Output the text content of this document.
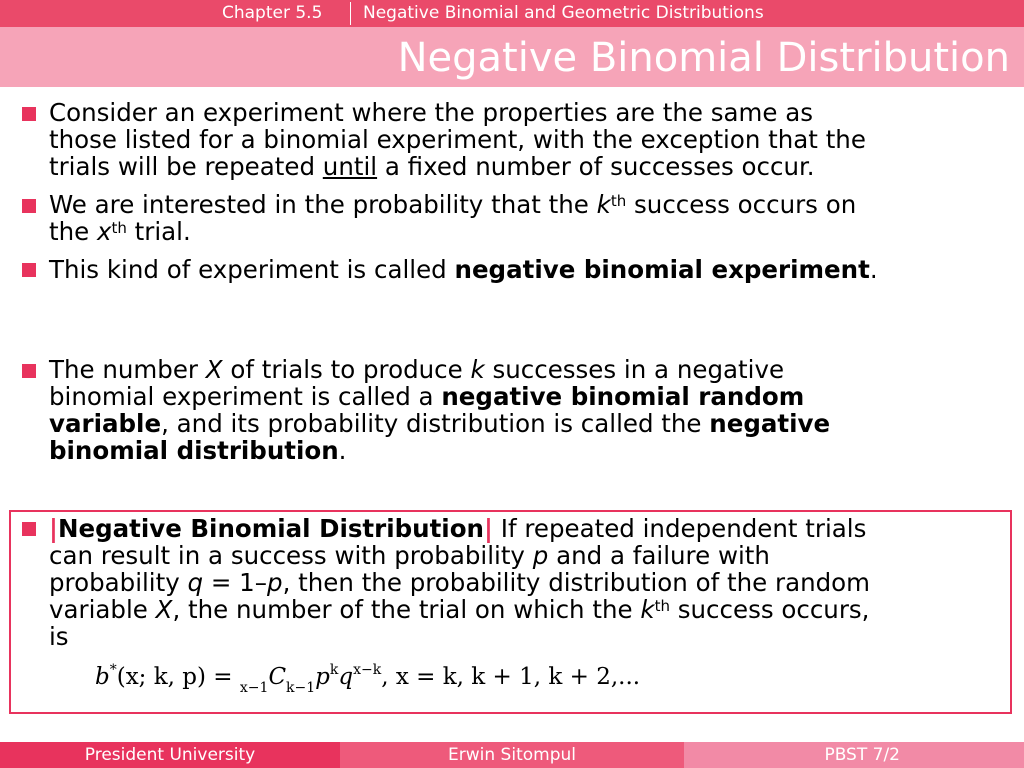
Chapter 5.5 Negative Binomial and Geometric Distributions
Negative Binomial Distribution
Consider an experiment where the properties are the same as
those listed for a binomial experiment, with the exception that the
trials will be repeated until a fixed number of successes occur.
We are interested in the probability that the $k^{th}$ success occurs on
the $x^{th}$ trial.
This kind of experiment is called negative binomial experiment.
The number X of trials to produce k successes in a negative
binomial experiment is called a negative binomial random
variable, and its probability distribution is called the negative
binomial distribution.
|Negative Binomial Distribution| If repeated independent trials
can result in a success with probability p and a failure with
probability q = 1–p, then the probability distribution of the random
variable X, the number of the trial on which the $k^{th}$ success occurs,
is
b*(x; k, $p) = _{x-1}C_{k-1}p^kq^{x-k}$, x = k, k + 1, k + 2,...
President University	Erwin Sitompul	PBST 7/2
